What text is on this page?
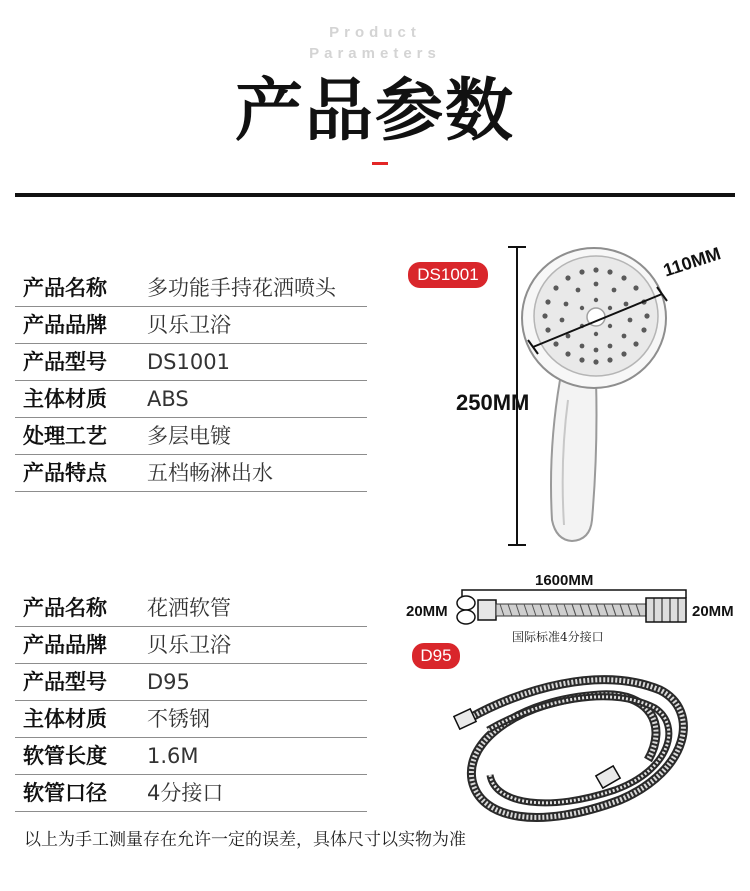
Product
Parameters
产品参数
产品名称 多功能手持花洒喷头
产品品牌 贝乐卫浴
产品型号 DS1001
主体材质 ABS
处理工艺 多层电镀
产品特点 五档畅淋出水
DS1001
250MM
110MM
产品名称 花洒软管
产品品牌 贝乐卫浴
产品型号 D95
主体材质 不锈钢
软管长度 1.6M
软管口径 4分接口
1600MM
20MM	20MM
国际标准4分接口
D95
以上为手工测量存在允许一定的误差，具体尺寸以实物为准
